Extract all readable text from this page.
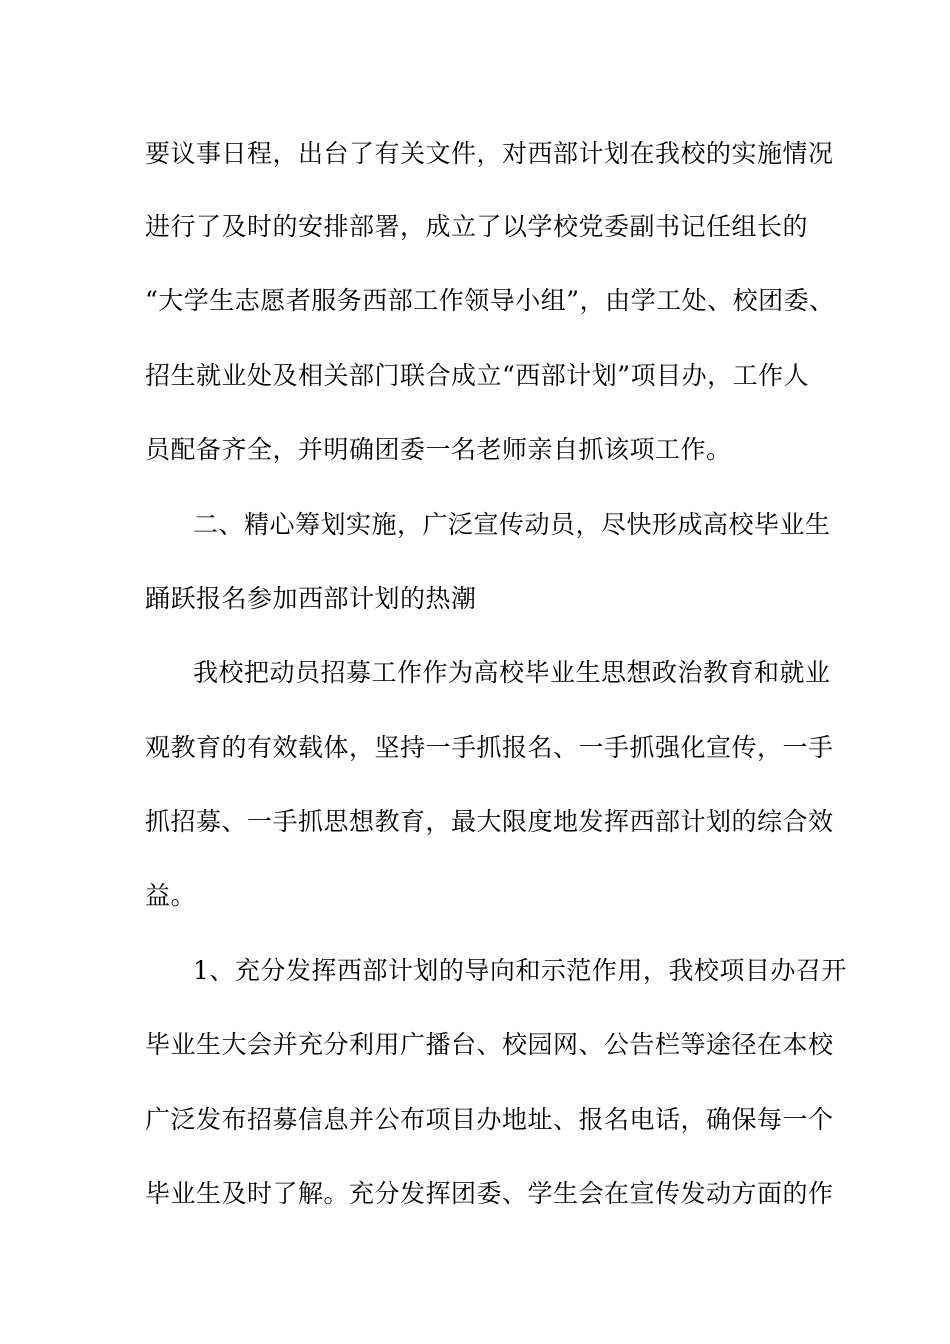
要议事日程，出台了有关文件，对西部计划在我校的实施情况
进行了及时的安排部署，成立了以学校党委副书记任组长的
“大学生志愿者服务西部工作领导小组”，由学工处、校团委、
招生就业处及相关部门联合成立“西部计划”项目办，工作人
员配备齐全，并明确团委一名老师亲自抓该项工作。
二、精心筹划实施，广泛宣传动员，尽快形成高校毕业生
踊跃报名参加西部计划的热潮
我校把动员招募工作作为高校毕业生思想政治教育和就业
观教育的有效载体，坚持一手抓报名、一手抓强化宣传，一手
抓招募、一手抓思想教育，最大限度地发挥西部计划的综合效
益。
1、充分发挥西部计划的导向和示范作用，我校项目办召开
毕业生大会并充分利用广播台、校园网、公告栏等途径在本校
广泛发布招募信息并公布项目办地址、报名电话，确保每一个
毕业生及时了解。充分发挥团委、学生会在宣传发动方面的作
